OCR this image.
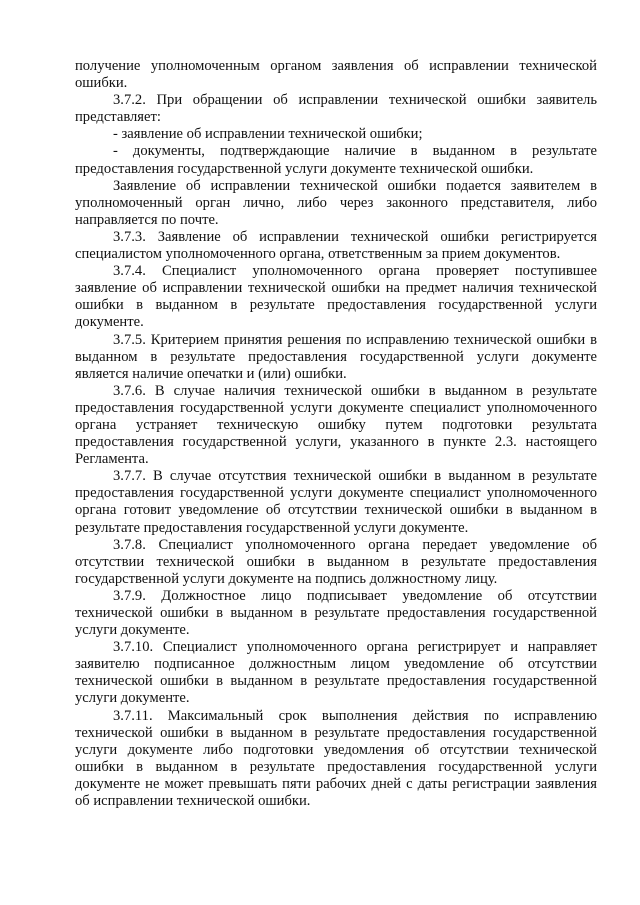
получение уполномоченным органом заявления об исправлении технической ошибки.

3.7.2. При обращении об исправлении технической ошибки заявитель представляет:

- заявление об исправлении технической ошибки;

- документы, подтверждающие наличие в выданном в результате предоставления государственной услуги документе технической ошибки.

Заявление об исправлении технической ошибки подается заявителем в уполномоченный орган лично, либо через законного представителя, либо направляется по почте.

3.7.3. Заявление об исправлении технической ошибки регистрируется специалистом уполномоченного органа, ответственным за прием документов.

3.7.4. Специалист уполномоченного органа проверяет поступившее заявление об исправлении технической ошибки на предмет наличия технической ошибки в выданном в результате предоставления государственной услуги документе.

3.7.5. Критерием принятия решения по исправлению технической ошибки в выданном в результате предоставления государственной услуги документе является наличие опечатки и (или) ошибки.

3.7.6. В случае наличия технической ошибки в выданном в результате предоставления государственной услуги документе специалист уполномоченного органа устраняет техническую ошибку путем подготовки результата предоставления государственной услуги, указанного в пункте 2.3. настоящего Регламента.

3.7.7. В случае отсутствия технической ошибки в выданном в результате предоставления государственной услуги документе специалист уполномоченного органа готовит уведомление об отсутствии технической ошибки в выданном в результате предоставления государственной услуги документе.

3.7.8. Специалист уполномоченного органа передает уведомление об отсутствии технической ошибки в выданном в результате предоставления государственной услуги документе на подпись должностному лицу.

3.7.9. Должностное лицо подписывает уведомление об отсутствии технической ошибки в выданном в результате предоставления государственной услуги документе.

3.7.10. Специалист уполномоченного органа регистрирует и направляет заявителю подписанное должностным лицом уведомление об отсутствии технической ошибки в выданном в результате предоставления государственной услуги документе.

3.7.11. Максимальный срок выполнения действия по исправлению технической ошибки в выданном в результате предоставления государственной услуги документе либо подготовки уведомления об отсутствии технической ошибки в выданном в результате предоставления государственной услуги документе не может превышать пяти рабочих дней с даты регистрации заявления об исправлении технической ошибки.
